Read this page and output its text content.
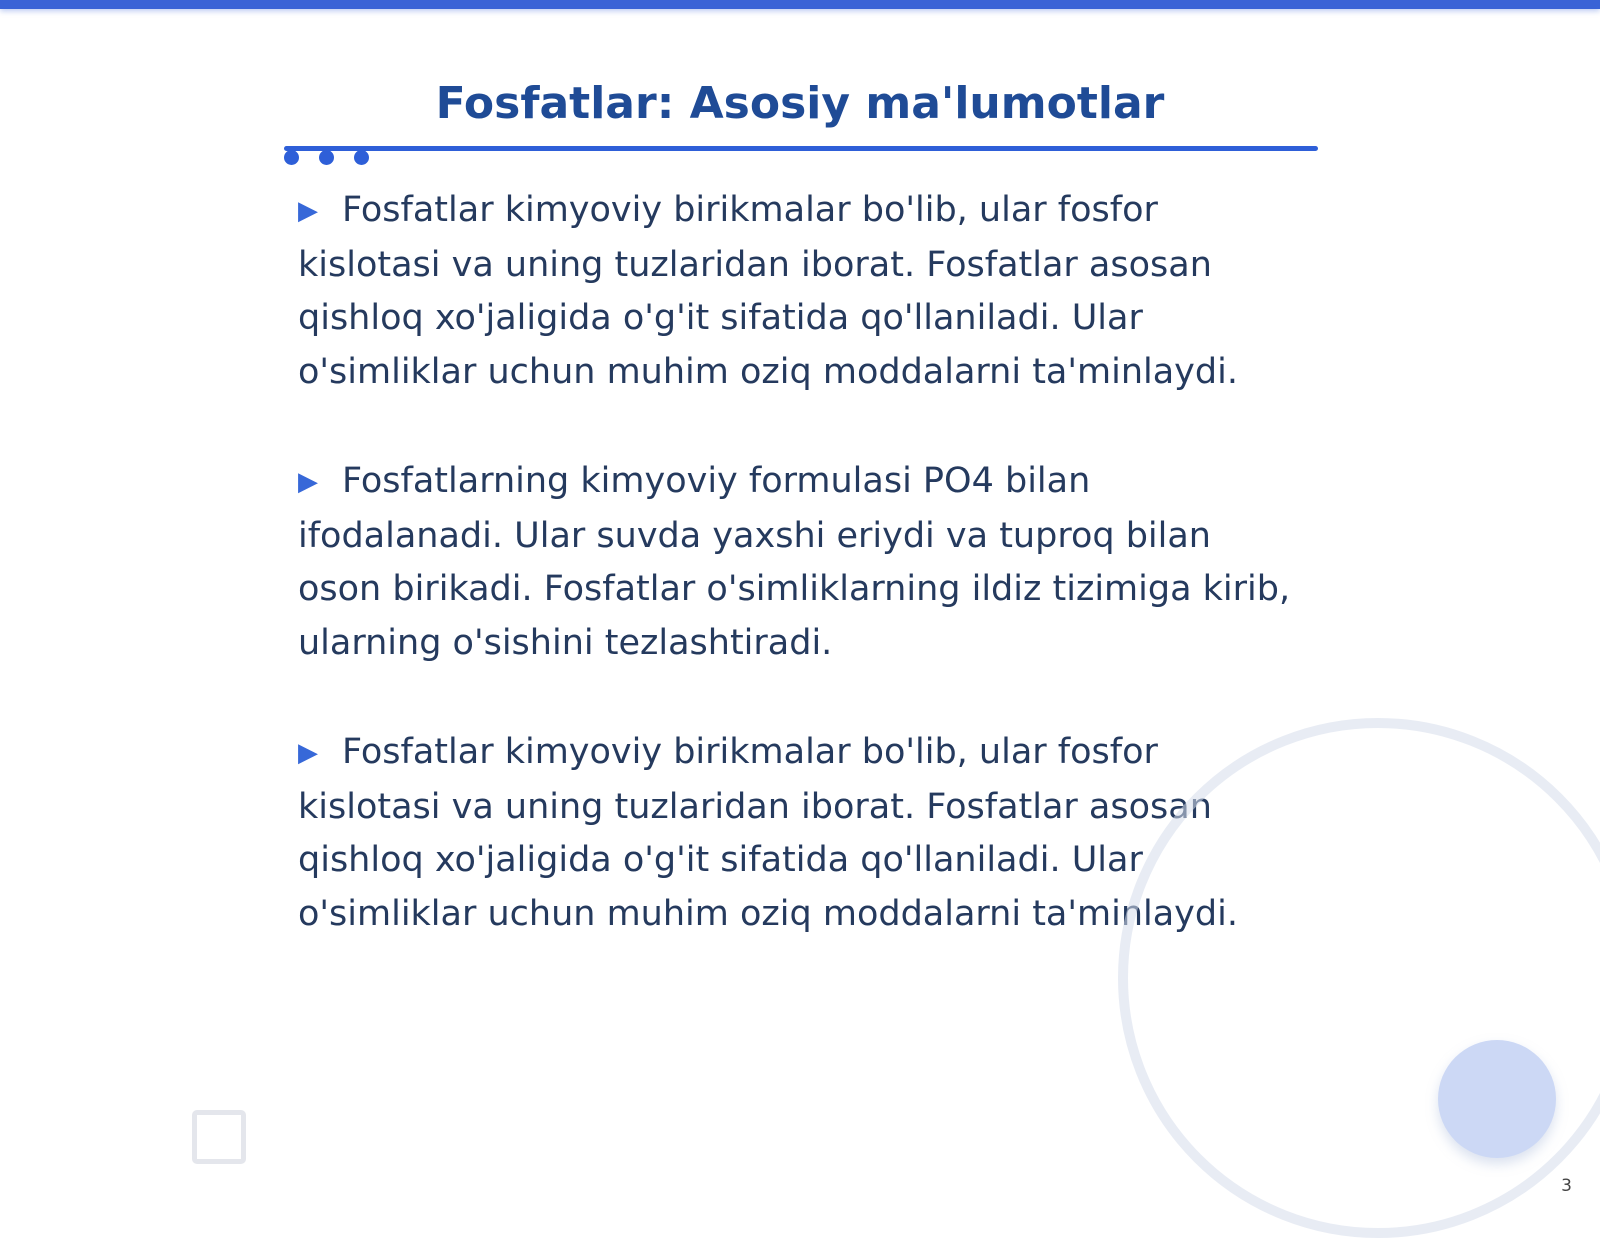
Fosfatlar: Asosiy ma'lumotlar
▶ Fosfatlar kimyoviy birikmalar bo'lib, ular fosfor kislotasi va uning tuzlaridan iborat. Fosfatlar asosan qishloq xo'jaligida o'g'it sifatida qo'llaniladi. Ular o'simliklar uchun muhim oziq moddalarni ta'minlaydi.
▶ Fosfatlarning kimyoviy formulasi PO4 bilan ifodalanadi. Ular suvda yaxshi eriydi va tuproq bilan oson birikadi. Fosfatlar o'simliklarning ildiz tizimiga kirib, ularning o'sishini tezlashtiradi.
▶ Fosfatlar kimyoviy birikmalar bo'lib, ular fosfor kislotasi va uning tuzlaridan iborat. Fosfatlar asosan qishloq xo'jaligida o'g'it sifatida qo'llaniladi. Ular o'simliklar uchun muhim oziq moddalarni ta'minlaydi.
3
